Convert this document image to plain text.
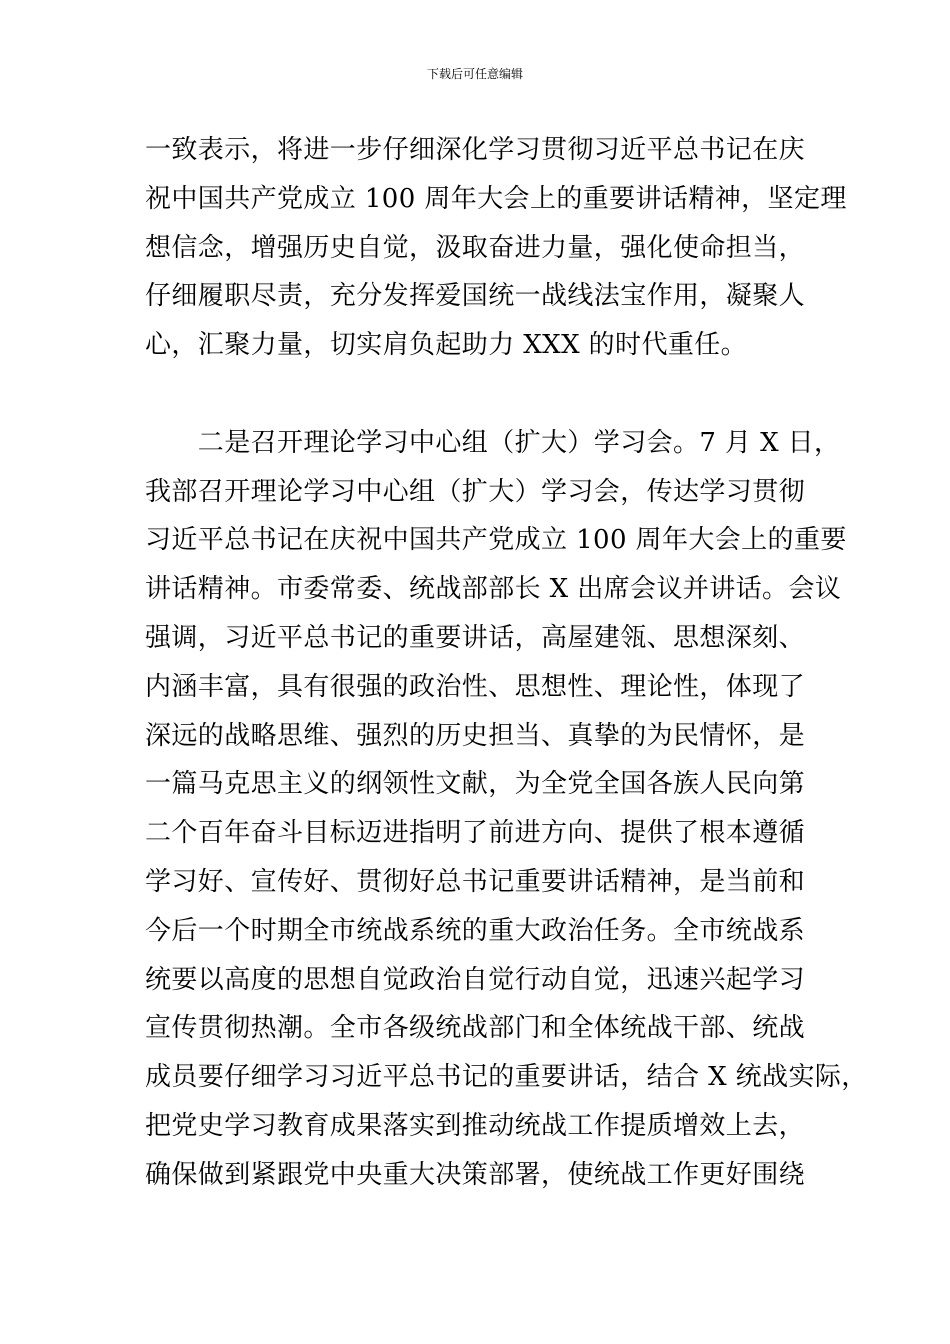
下载后可任意编辑
一致表示，将进一步仔细深化学习贯彻习近平总书记在庆
祝中国共产党成立 100 周年大会上的重要讲话精神，坚定理
想信念，增强历史自觉，汲取奋进力量，强化使命担当，
仔细履职尽责，充分发挥爱国统一战线法宝作用，凝聚人
心，汇聚力量，切实肩负起助力 XXX 的时代重任。
　　二是召开理论学习中心组（扩大）学习会。7 月 X 日，
我部召开理论学习中心组（扩大）学习会，传达学习贯彻
习近平总书记在庆祝中国共产党成立 100 周年大会上的重要
讲话精神。市委常委、统战部部长 X 出席会议并讲话。会议
强调，习近平总书记的重要讲话，高屋建瓴、思想深刻、
内涵丰富，具有很强的政治性、思想性、理论性，体现了
深远的战略思维、强烈的历史担当、真挚的为民情怀，是
一篇马克思主义的纲领性文献，为全党全国各族人民向第
二个百年奋斗目标迈进指明了前进方向、提供了根本遵循
学习好、宣传好、贯彻好总书记重要讲话精神，是当前和
今后一个时期全市统战系统的重大政治任务。全市统战系
统要以高度的思想自觉政治自觉行动自觉，迅速兴起学习
宣传贯彻热潮。全市各级统战部门和全体统战干部、统战
成员要仔细学习习近平总书记的重要讲话，结合 X 统战实际，
把党史学习教育成果落实到推动统战工作提质增效上去，
确保做到紧跟党中央重大决策部署，使统战工作更好围绕
